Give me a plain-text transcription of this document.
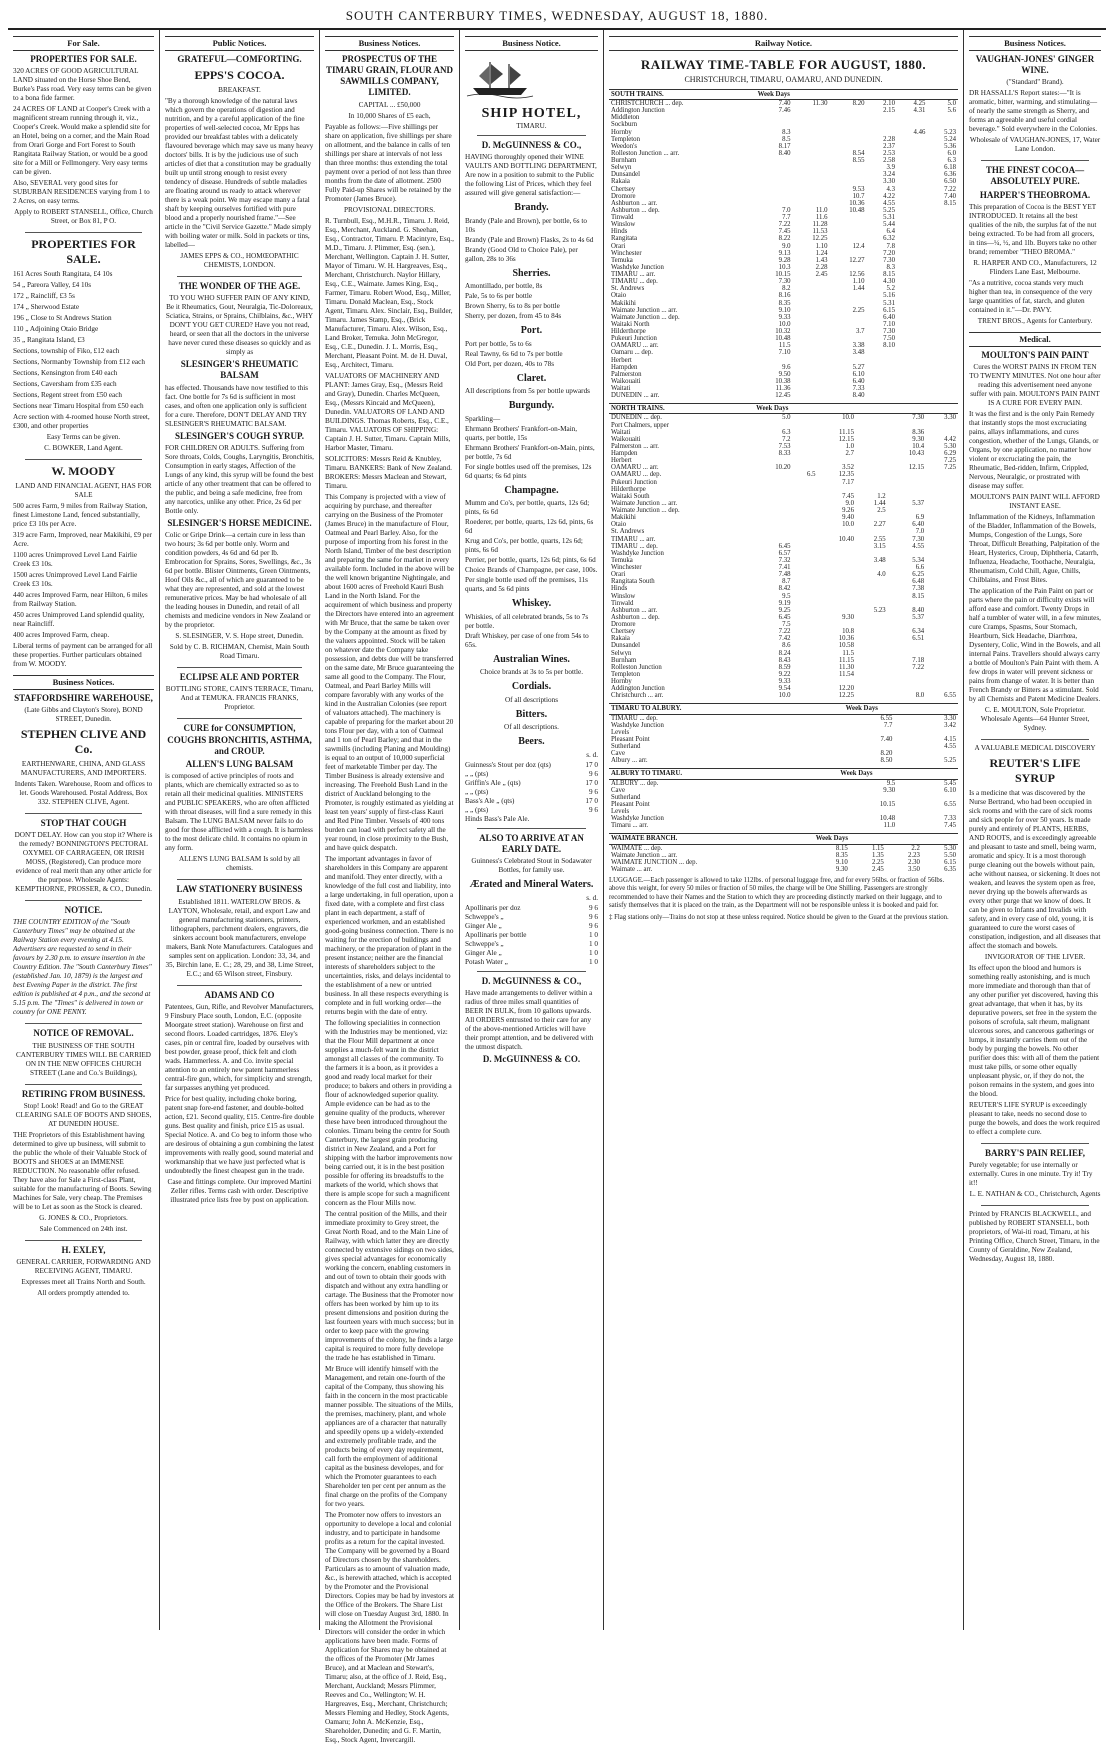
SOUTH CANTERBURY TIMES, WEDNESDAY, AUGUST 18, 1880.
For Sale.
PROPERTIES FOR SALE.

320 ACRES OF GOOD AGRICULTURAL LAND situated on the Horse Shoe Bend, Burke's Pass road. Very easy terms can be given to a bona fide farmer.

24 ACRES OF LAND at Cooper's Creek with a magnificent stream running through it, viz., Cooper's Creek. Would make a splendid site for an Hotel, being on a corner, and the Main Road from Orari Gorge and Fort Forest to South Rangitata Railway Station, or would be a good site for a Mill or Fellmongery. Very easy terms can be given.

Also, SEVERAL very good sites for SUBURBAN RESIDENCES varying from 1 to 2 Acres, on easy terms.

Apply to ROBERT STANSELL, Office, Church Street, or Box 81, P O.

PROPERTIES FOR SALE.

161 Acres South Rangitata, £4 10s

54 „ Pareora Valley, £4 10s

172 „ Raincliff, £3 5s

174 „ Sherwood Estate

196 „ Close to St Andrews Station

110 „ Adjoining Otaio Bridge

35 „ Rangitata Island, £3

Sections, township of Fiko, £12 each

Sections, Normanby Township from £12 each

Sections, Kensington from £40 each

Sections, Caversham from £35 each

Sections, Regent street from £50 each

Sections near Timaru Hospital from £50 each

Acre section with 4-roomed house North street, £300, and other properties

Easy Terms can be given.

C. BOWKER, Land Agent.

W. MOODY

LAND AND FINANCIAL AGENT, HAS FOR SALE

500 acres Farm, 9 miles from Railway Station, finest Limestone Land, fenced substantially, price £3 10s per Acre.

319 acre Farm, Improved, near Makikihi, £9 per Acre.

1100 acres Unimproved Level Land Fairlie Creek £3 10s.

1500 acres Unimproved Level Land Fairlie Creek £3 10s.

440 acres Improved Farm, near Hilton, 6 miles from Railway Station.

450 acres Unimproved Land splendid quality, near Raincliff.

400 acres Improved Farm, cheap.

Liberal terms of payment can be arranged for all these properties. Further particulars obtained from W. MOODY.

Business Notices.
STAFFORDSHIRE WAREHOUSE,

(Late Gibbs and Clayton's Store), BOND STREET, Dunedin.

STEPHEN CLIVE AND Co.

EARTHENWARE, CHINA, AND GLASS MANUFACTURERS, AND IMPORTERS.

Indents Taken. Warehouse, Room and offices to let. Goods Warehoused. Postal Address, Box 332. STEPHEN CLIVE, Agent.

STOP THAT COUGH

DON'T DELAY. How can you stop it? Where is the remedy? BONNINGTON'S PECTORAL OXYMEL OF CARRAGEEN, OR IRISH MOSS, (Registered), Can produce more evidence of real merit than any other article for the purpose. Wholesale Agents: KEMPTHORNE, PROSSER, & CO., Dunedin.

NOTICE.

THE COUNTRY EDITION of the "South Canterbury Times" may be obtained at the Railway Station every evening at 4.15. Advertisers are requested to send in their favours by 2.30 p.m. to ensure insertion in the Country Edition. The "South Canterbury Times" (established Jan. 10, 1879) is the largest and best Evening Paper in the district. The first edition is published at 4 p.m., and the second at 5.15 p.m. The "Times" is delivered in town or country for ONE PENNY.

NOTICE OF REMOVAL.

THE BUSINESS OF THE SOUTH CANTERBURY TIMES WILL BE CARRIED ON IN THE NEW OFFICES CHURCH STREET (Lane and Co.'s Buildings),

RETIRING FROM BUSINESS.

Stop! Look! Read! and Go to the GREAT CLEARING SALE OF BOOTS AND SHOES, AT DUNEDIN HOUSE.

THE Proprietors of this Establishment having determined to give up business, will submit to the public the whole of their Valuable Stock of BOOTS and SHOES at an IMMENSE REDUCTION. No reasonable offer refused. They have also for Sale a First-class Plant, suitable for the manufacturing of Boots. Sewing Machines for Sale, very cheap. The Premises will be to Let as soon as the Stock is cleared.

G. JONES & CO., Proprietors.

Sale Commenced on 24th inst.

H. EXLEY,

GENERAL CARRIER, FORWARDING AND RECEIVING AGENT, TIMARU.

Expresses meet all Trains North and South.

All orders promptly attended to.

Public Notices.
GRATEFUL—COMFORTING.
EPPS'S COCOA.
BREAKFAST.

"By a thorough knowledge of the natural laws which govern the operations of digestion and nutrition, and by a careful application of the fine properties of well-selected cocoa, Mr Epps has provided our breakfast tables with a delicately flavoured beverage which may save us many heavy doctors' bills. It is by the judicious use of such articles of diet that a constitution may be gradually built up until strong enough to resist every tendency of disease. Hundreds of subtle maladies are floating around us ready to attack wherever there is a weak point. We may escape many a fatal shaft by keeping ourselves fortified with pure blood and a properly nourished frame."—See article in the "Civil Service Gazette." Made simply with boiling water or milk. Sold in packets or tins, labelled—

JAMES EPPS & CO., HOMŒOPATHIC CHEMISTS, LONDON.

THE WONDER OF THE AGE.

TO YOU WHO SUFFER PAIN OF ANY KIND, Be it Rheumatics, Gout, Neuralgia, Tic-Doloreaux, Sciatica, Strains, or Sprains, Chilblains, &c., WHY DON'T YOU GET CURED? Have you not read, heard, or seen that all the doctors in the universe have never cured these diseases so quickly and as simply as

SLESINGER'S RHEUMATIC BALSAM

has effected. Thousands have now testified to this fact. One bottle for 7s 6d is sufficient in most cases, and often one application only is sufficient for a cure. Therefore, DON'T DELAY AND TRY SLESINGER'S RHEUMATIC BALSAM.

SLESINGER'S COUGH SYRUP.

FOR CHILDREN OR ADULTS. Suffering from Sore throats, Colds, Coughs, Laryngitis, Bronchitis, Consumption in early stages, Affection of the Lungs of any kind, this syrup will be found the best article of any other treatment that can be offered to the public, and being a safe medicine, free from any narcotics, unlike any other. Price, 2s 6d per Bottle only.

SLESINGER'S HORSE MEDICINE.

Colic or Gripe Drink—a certain cure in less than two hours; 3s 6d per bottle only. Worm and condition powders, 4s 6d and 6d per lb. Embrocation for Sprains, Sores, Swellings, &c., 3s 6d per bottle. Blister Ointments, Green Ointments, Hoof Oils &c., all of which are guaranteed to be what they are represented, and sold at the lowest remunerative prices. May be had wholesale of all the leading houses in Dunedin, and retail of all chemists and medicine vendors in New Zealand or by the proprietor.

S. SLESINGER, V. S. Hope street, Dunedin.

Sold by C. B. RICHMAN, Chemist, Main South Road Timaru.

ECLIPSE ALE AND PORTER

BOTTLING STORE, CAIN'S TERRACE, Timaru, And at TEMUKA. FRANCIS FRANKS, Proprietor.

CURE for CONSUMPTION, COUGHS BRONCHITIS, ASTHMA, and CROUP.
ALLEN'S LUNG BALSAM

is composed of active principles of roots and plants, which are chemically extracted so as to retain all their medicinal qualities. MINISTERS and PUBLIC SPEAKERS, who are often afflicted with throat diseases, will find a sure remedy in this Balsam. The LUNG BALSAM never fails to do good for those afflicted with a cough. It is harmless to the most delicate child. It contains no opium in any form.

ALLEN'S LUNG BALSAM Is sold by all chemists.

LAW STATIONERY BUSINESS

Established 1811. WATERLOW BROS. & LAYTON, Wholesale, retail, and export Law and general manufacturing stationers, printers, lithographers, parchment dealers, engravers, die sinkers account book manufacturers, envelope makers, Bank Note Manufacturers. Catalogues and samples sent on application. London: 33, 34, and 35, Birchin lane, E. C.; 28, 29, and 38, Lime Street, E.C.; and 65 Wilson street, Finsbury.

ADAMS AND CO

Patentees, Gun, Rifle, and Revolver Manufacturers, 9 Finsbury Place south, London, E.C. (opposite Moorgate street station). Warehouse on first and second floors. Loaded cartridges, 1876. Eley's cases, pin or central fire, loaded by ourselves with best powder, grease proof, thick felt and cloth wads. Hammerless. A. and Co. invite special attention to an entirely new patent hammerless central-fire gun, which, for simplicity and strength, far surpasses anything yet produced.

Price for best quality, including choke boring, patent snap fore-end fastener, and double-bolted action, £21. Second quality, £15. Centre-fire double guns. Best quality and finish, price £15 as usual. Special Notice. A. and Co beg to inform those who are desirous of obtaining a gun combining the latest improvements with really good, sound material and workmanship that we have just perfected what is undoubtedly the finest cheapest gun in the trade.

Case and fittings complete. Our improved Martini Zeller rifles. Terms cash with order. Descriptive illustrated price lists free by post on application.

Business Notices.
PROSPECTUS OF THE TIMARU GRAIN, FLOUR AND SAWMILLS COMPANY, LIMITED.

CAPITAL ... £50,000

In 10,000 Shares of £5 each,

Payable as follows:—Five shillings per share on application, five shillings per share on allotment, and the balance in calls of ten shillings per share at intervals of not less than three months: thus extending the total payment over a period of not less than three months from the date of allotment. 2500 Fully Paid-up Shares will be retained by the Promoter (James Bruce).

PROVISIONAL DIRECTORS.

R. Turnbull, Esq., M.H.R., Timaru. J. Reid, Esq., Merchant, Auckland. G. Sheehan, Esq., Contractor, Timaru. P. Macintyre, Esq., M.D., Timaru. J. Plimmer, Esq. (sen.), Merchant, Wellington. Captain J. H. Sutter, Mayor of Timaru. W. H. Hargreaves, Esq., Merchant, Christchurch. Naylor Hillary, Esq., C.E., Waimate. James King, Esq., Farmer, Timaru. Robert Wood, Esq., Miller, Timaru. Donald Maclean, Esq., Stock Agent, Timaru. Alex. Sinclair, Esq., Builder, Timaru. James Stamp, Esq., (Brick Manufacturer, Timaru. Alex. Wilson, Esq., Land Broker, Temuka. John McGregor, Esq., C.E., Dunedin. J. L. Morris, Esq., Merchant, Pleasant Point. M. de H. Duval, Esq., Architect, Timaru.

VALUATORS OF MACHINERY AND PLANT: James Gray, Esq., (Messrs Reid and Gray), Dunedin. Charles McQueen, Esq., (Messrs Kincaid and McQueen), Dunedin. VALUATORS OF LAND AND BUILDINGS. Thomas Roberts, Esq., C.E., Timaru. VALUATORS OF SHIPPING: Captain J. H. Sutter, Timaru. Captain Mills, Harbor Master, Timaru.

SOLICITORS: Messrs Reid & Knubley, Timaru. BANKERS: Bank of New Zealand. BROKERS: Messrs Maclean and Stewart, Timaru.

This Company is projected with a view of acquiring by purchase, and thereafter carrying on the Business of the Promoter (James Bruce) in the manufacture of Flour, Oatmeal and Pearl Barley. Also, for the purpose of importing from his forest in the North Island, Timber of the best description and preparing the same for market in every available form. Included in the above will be the well known brigantine Nightingale, and about 1600 acres of Freehold Kauri Bush Land in the North Island. For the acquirement of which business and property the Directors have entered into an agreement with Mr Bruce, that the same be taken over by the Company at the amount as fixed by the valuers appointed. Stock will be taken on whatever date the Company take possession, and debts due will be transferred on the same date, Mr Bruce guaranteeing the same all good to the Company. The Flour, Oatmeal, and Pearl Barley Mills will compare favorably with any works of the kind in the Australian Colonies (see report of valuators attached). The machinery is capable of preparing for the market about 20 tons Flour per day, with a ton of Oatmeal and 1 ton of Pearl Barley; and that in the sawmills (including Planing and Moulding) is equal to an output of 10,000 superficial feet of marketable Timber per day. The Timber Business is already extensive and increasing. The Freehold Bush Land in the district of Auckland belonging to the Promoter, is roughly estimated as yielding at least ten years' supply of first-class Kauri and Red Pine Timber. Vessels of 400 tons burden can load with perfect safety all the year round, in close proximity to the Bush, and have quick despatch.

The important advantages in favor of shareholders in this Company are apparent and manifold. They enter directly, with a knowledge of the full cost and liability, into a large undertaking, in full operation, upon a fixed date, with a complete and first class plant in each department, a staff of experienced workmen, and an established good-going business connection. There is no waiting for the erection of buildings and machinery, or the preparation of plant in the present instance; neither are the financial interests of shareholders subject to the uncertainties, risks, and delays incidental to the establishment of a new or untried business. In all these respects everything is complete and in full working order—the returns begin with the date of entry.

The following specialities in connection with the Industries may be mentioned, viz: that the Flour Mill department at once supplies a much-felt want in the district amongst all classes of the community. To the farmers it is a boon, as it provides a good and ready local market for their produce; to bakers and others in providing a flour of acknowledged superior quality. Ample evidence can be had as to the genuine quality of the products, wherever these have been introduced throughout the colonies. Timaru being the centre for South Canterbury, the largest grain producing district in New Zealand, and a Port for shipping with the harbor improvements now being carried out, it is in the best position possible for offering its breadstuffs to the markets of the world, which shows that there is ample scope for such a magnificent concern as the Flour Mills now.

The central position of the Mills, and their immediate proximity to Grey street, the Great North Road, and to the Main Line of Railway, with which latter they are directly connected by extensive sidings on two sides, gives special advantages for economically working the concern, enabling customers in and out of town to obtain their goods with dispatch and without any extra handling or cartage. The Business that the Promoter now offers has been worked by him up to its present dimensions and position during the last fourteen years with much success; but in order to keep pace with the growing improvements of the colony, he finds a large capital is required to more fully develope the trade he has established in Timaru.

Mr Bruce will identify himself with the Management, and retain one-fourth of the capital of the Company, thus showing his faith in the concern in the most practicable manner possible. The situations of the Mills, the premises, machinery, plant, and whole appliances are of a character that naturally and speedily opens up a widely-extended and extremely profitable trade, and the products being of every day requirement, call forth the employment of additional capital as the business developes, and for which the Promoter guarantees to each Shareholder ten per cent per annum as the final charge on the profits of the Company for two years.

The Promoter now offers to investors an opportunity to develope a local and colonial industry, and to participate in handsome profits as a return for the capital invested. The Company will be governed by a Board of Directors chosen by the shareholders. Particulars as to amount of valuation made, &c., is herewith attached, which is accepted by the Promoter and the Provisional Directors. Copies may be had by investors at the Office of the Brokers. The Share List will close on Tuesday August 3rd, 1880. In making the Allotment the Provisional Directors will consider the order in which applications have been made. Forms of Application for Shares may be obtained at the offices of the Promoter (Mr James Bruce), and at Maclean and Stewart's, Timaru; also, at the office of J. Reid, Esq., Merchant, Auckland; Messrs Plimmer, Reeves and Co., Wellington; W. H. Hargreaves, Esq., Merchant, Christchurch; Messrs Fleming and Hedley, Stock Agents, Oamaru; John A. McKenzie, Esq., Shareholder, Dunedin; and G. F. Martin, Esq., Stock Agent, Invercargill.

Business Notice.
SHIP HOTEL,
TIMARU.
D. McGUINNESS & CO.,

HAVING thoroughly opened their WINE VAULTS AND BOTTLING DEPARTMENT, Are now in a position to submit to the Public the following List of Prices, which they feel assured will give general satisfaction:—

Brandy.

Brandy (Pale and Brown), per bottle, 6s to 10s

Brandy (Pale and Brown) Flasks, 2s to 4s 6d

Brandy (Good Old to Choice Pale), per gallon, 28s to 36s

Sherries.

Amontillado, per bottle, 8s

Pale, 5s to 6s per bottle

Brown Sherry, 6s to 8s per bottle

Sherry, per dozen, from 45 to 84s

Port.

Port per bottle, 5s to 6s

Real Tawny, 6s 6d to 7s per bottle

Old Port, per dozen, 40s to 78s

Claret.

All descriptions from 5s per bottle upwards

Burgundy.

Sparkling—

Ehrmann Brothers' Frankfort-on-Main, quarts, per bottle, 15s

Ehrmann Brothers' Frankfort-on-Main, pints, per bottle, 7s 6d

For single bottles used off the premises, 12s 6d quarts; 6s 6d pints

Champagne.

Mumm and Co's, per bottle, quarts, 12s 6d; pints, 6s 6d

Roederer, per bottle, quarts, 12s 6d, pints, 6s 6d

Krug and Co's, per bottle, quarts, 12s 6d; pints, 6s 6d

Perrier, per bottle, quarts, 12s 6d; pints, 6s 6d

Choice Brands of Champagne, per case, 100s.

Per single bottle used off the premises, 11s quarts, and 5s 6d pints

Whiskey.

Whiskies, of all celebrated brands, 5s to 7s per bottle.

Draft Whiskey, per case of one from 54s to 65s.

Australian Wines.

Choice brands at 3s to 5s per bottle.

Cordials.

Of all descriptions

Bitters.

Of all descriptions.

Beers.
s. d.
Guinness's Stout per doz (qts)	17 0
„ „ (pts)	9 6
Griffin's Ale „ (qts)	17 0
„ „ (pts)	9 6
Bass's Ale „ (qts)	17 0
„ „ (pts)	9 6
Hinds Bass's Pale Ale.
ALSO TO ARRIVE AT AN EARLY DATE.

Guinness's Celebrated Stout in Sodawater Bottles, for family use.

Ærated and Mineral Waters.
s. d.
Apollinaris per doz	9 6
Schweppe's „	9 6
Ginger Ale „	9 6
Apollinaris per bottle	1 0
Schweppe's „	1 0
Ginger Ale „	1 0
Potash Water „	1 0
D. McGUINNESS & CO.,

Have made arrangements to deliver within a radius of three miles small quantities of BEER IN BULK, from 10 gallons upwards. All ORDERS entrusted to their care for any of the above-mentioned Articles will have their prompt attention, and be delivered with the utmost dispatch.

D. McGUINNESS & CO.
Railway Notice.
RAILWAY TIME-TABLE FOR AUGUST, 1880.
CHRISTCHURCH, TIMARU, OAMARU, AND DUNEDIN.
SOUTH TRAINS.	Week Days					
CHRISTCHURCH ... dep.	7.40	11.30	8.20	2.10	4.25	5.0
Addington Junction	7.46			2.15	4.31	5.6
Middleton						
Sockburn						
Hornby	8.3				4.46	5.23
Templeton	8.5			2.28		5.24
Weedon's	8.17			2.37		5.36
Rolleston Junction ... arr.	8.40		8.54	2.53		6.0
Burnham			8.55	2.58		6.3
Selwyn				3.9		6.18
Dunsandel				3.24		6.36
Rakaia				3.30		6.50
Chertsey			9.53	4.3		7.22
Dromore			10.7	4.22		7.40
Ashburton ... arr.			10.36	4.55		8.15
Ashburton ... dep.	7.0	11.0	10.48	5.25		
Tinwald	7.7	11.6		5.31		
Winslow	7.22	11.28		5.44		
Hinds	7.45	11.53		6.4		
Rangitata	8.22	12.25		6.32		
Orari	9.0	1.10	12.4	7.8		
Winchester	9.13	1.24		7.20		
Temuka	9.28	1.43	12.27	7.30		
Washdyke Junction	10.3	2.28		8.3		
TIMARU ... arr.	10.15	2.45	12.56	8.15		
TIMARU ... dep.	7.30		1.10	4.30		
St. Andrews	8.2		1.44	5.2		
Otaio	8.16			5.16		
Makikihi	8.35			5.31		
Waimate Junction ... arr.	9.10		2.25	6.15		
Waimate Junction ... dep.	9.33			6.40		
Waitaki North	10.0			7.10		
Hilderthorpe	10.32		3.7	7.30		
Pukeuri Junction	10.48			7.50		
OAMARU ... arr.	11.5		3.38	8.10		
Oamaru ... dep.	7.10		3.48			
Herbert						
Hampden	9.6		5.27			
Palmerston	9.50		6.10			
Waikouaiti	10.38		6.40			
Waitati	11.36		7.33			
DUNEDIN ... arr.	12.45		8.40			
NORTH TRAINS.	Week Days					
DUNEDIN ... dep.	5.0		10.0		7.30	3.30
Port Chalmers, upper						
Waitati	6.3		11.15		8.36	
Waikouaiti	7.2		12.15		9.30	4.42
Palmerston ... arr.	7.53		1.0		10.4	5.30
Hampden	8.33		2.7		10.43	6.29
Herbert						7.25
OAMARU ... arr.	10.20		3.52		12.15	7.25
OAMARU ... dep.		6.5	12.35			
Pukeuri Junction			7.17			
Hilderthorpe						
Waitaki South			7.45	1.2		
Waimate Junction ... arr.			9.0	1.44	5.37	
Waimate Junction ... dep.			9.26	2.5		
Makikihi			9.40		6.9	
Otaio			10.0	2.27	6.40	
St. Andrews					7.0	
TIMARU ... arr.			10.40	2.55	7.30	
TIMARU ... dep.	6.45			3.15	4.55	
Washdyke Junction	6.57					
Temuka	7.32			3.48	5.34	
Winchester	7.41				6.6	
Orari	7.48			4.0	6.25	
Rangitata South	8.7				6.48	
Hinds	8.42				7.38	
Winslow	9.5				8.15	
Tinwald	9.19					
Ashburton ... arr.	9.25			5.23	8.40	
Ashburton ... dep.	6.45		9.30		5.37	
Dromore	7.5					
Chertsey	7.22		10.8		6.34	
Rakaia	7.42		10.36		6.51	
Dunsandel	8.6		10.58			
Selwyn	8.24		11.5			
Burnham	8.43		11.15		7.18	
Rolleston Junction	8.59		11.30		7.22	
Templeton	9.22		11.54			
Hornby	9.33					
Addington Junction	9.54		12.20			
Christchurch ... arr.	10.0		12.25		8.0	6.55
TIMARU TO ALBURY.	Week Days		
TIMARU ... dep.	6.55		3.30
Washdyke Junction	7.7		3.42
Levels			
Pleasant Point	7.40		4.15
Sutherland			4.55
Cave	8.20		
Albury ... arr.	8.50		5.25
ALBURY TO TIMARU.	Week Days		
ALBURY ... dep.	9.5		5.45
Cave	9.30		6.10
Sutherland			
Pleasant Point	10.15		6.55
Levels			
Washdyke Junction	10.48		7.33
Timaru ... arr.	11.0		7.45
WAIMATE BRANCH.	Week Days			
WAIMATE ... dep.	8.15	1.15	2.2	5.30
Waimate Junction ... arr.	8.35	1.35	2.23	5.50
WAIMATE JUNCTION ... dep.	9.10	2.25	2.30	6.15
Waimate ... arr.	9.30	2.45	3.50	6.35

LUGGAGE.—Each passenger is allowed to take 112lbs. of personal luggage free, and for every 56lbs. or fraction of 56lbs. above this weight, for every 50 miles or fraction of 50 miles, the charge will be One Shilling. Passengers are strongly recommended to have their Names and the Station to which they are proceeding distinctly marked on their luggage, and to satisfy themselves that it is placed on the train, as the Department will not be responsible unless it is booked and paid for.

‡ Flag stations only—Trains do not stop at these unless required. Notice should be given to the Guard at the previous station.

Business Notices.
VAUGHAN-JONES' GINGER WINE.

("Standard" Brand).

DR HASSALL'S Report states:—"It is aromatic, bitter, warming, and stimulating—of nearly the same strength as Sherry, and forms an agreeable and useful cordial beverage." Sold everywhere in the Colonies.

Wholesale of VAUGHAN-JONES, 17, Water Lane London.

THE FINEST COCOA—ABSOLUTELY PURE.
HARPER'S THEOBROMA.

This preparation of Cocoa is the BEST YET INTRODUCED. It retains all the best qualities of the nib, the surplus fat of the nut being extracted. To be had from all grocers, in tins—¼, ½, and 1lb. Buyers take no other brand; remember "THEO BROMA."

R. HARPER AND CO., Manufacturers, 12 Flinders Lane East, Melbourne.

"As a nutritive, cocoa stands very much higher than tea, in consequence of the very large quantities of fat, starch, and gluten contained in it."—Dr. PAVY.

TRENT BROS., Agents for Canterbury.

Medical.
MOULTON'S PAIN PAINT

Cures the WORST PAINS IN FROM TEN TO TWENTY MINUTES. Not one hour after reading this advertisement need anyone suffer with pain. MOULTON'S PAIN PAINT IS A CURE FOR EVERY PAIN.

It was the first and is the only Pain Remedy that instantly stops the most excruciating pains, allays inflammations, and cures congestion, whether of the Lungs, Glands, or Organs, by one application, no matter how violent or excruciating the pain, the Rheumatic, Bed-ridden, Infirm, Crippled, Nervous, Neuralgic, or prostrated with disease may suffer.

MOULTON'S PAIN PAINT WILL AFFORD INSTANT EASE.

Inflammation of the Kidneys, Inflammation of the Bladder, Inflammation of the Bowels, Mumps, Congestion of the Lungs, Sore Throat, Difficult Breathing, Palpitation of the Heart, Hysterics, Croup, Diphtheria, Catarrh, Influenza, Headache, Toothache, Neuralgia, Rheumatism, Cold Chill, Ague, Chills, Chilblains, and Frost Bites.

The application of the Pain Paint on part or parts where the pain or difficulty exists will afford ease and comfort. Twenty Drops in half a tumbler of water will, in a few minutes, cure Cramps, Spasms, Sour Stomach, Heartburn, Sick Headache, Diarrhœa, Dysentery, Colic, Wind in the Bowels, and all internal Pains. Travellers should always carry a bottle of Moulton's Pain Paint with them. A few drops in water will prevent sickness or pains from change of water. It is better than French Brandy or Bitters as a stimulant. Sold by all Chemists and Patent Medicine Dealers.

C. E. MOULTON, Sole Proprietor. Wholesale Agents—64 Hunter Street, Sydney.

A VALUABLE MEDICAL DISCOVERY

REUTER'S LIFE SYRUP

Is a medicine that was discovered by the Nurse Bertrand, who had been occupied in sick rooms and with the care of sick rooms and sick people for over 50 years. Is made purely and entirely of PLANTS, HERBS, AND ROOTS, and is exceedingly agreeable and pleasant to taste and smell, being warm, aromatic and spicy. It is a most thorough purge cleaning out the bowels without pain, ache without nausea, or sickening. It does not weaken, and leaves the system open as free, never drying up the bowels afterwards as every other purge that we know of does. It can be given to Infants and Invalids with safety, and in every case of old, young, it is guaranteed to cure the worst cases of constipation, indigestion, and all diseases that affect the stomach and bowels.

INVIGORATOR OF THE LIVER.

Its effect upon the blood and humors is something really astonishing, and is much more immediate and thorough than that of any other purifier yet discovered, having this great advantage, that when it has, by its depurative powers, set free in the system the poisons of scrofula, salt rheum, malignant ulcerous sores, and cancerous gatherings or lumps, it instantly carries them out of the body by purging the bowels. No other purifier does this: with all of them the patient must take pills, or some other equally unpleasant physic, or, if they do not, the poison remains in the system, and goes into the blood.

REUTER'S LIFE SYRUP is exceedingly pleasant to take, needs no second dose to purge the bowels, and does the work required to effect a complete cure.

BARRY'S PAIN RELIEF,

Purely vegetable; for use internally or externally. Cures in one minute. Try it! Try it!!

L. E. NATHAN & CO., Christchurch, Agents

Printed by FRANCIS BLACKWELL, and published by ROBERT STANSELL, both proprietors, of Wai-iti road, Timaru, at his Printing Office, Church Street, Timaru, in the County of Geraldine, New Zealand, Wednesday, August 18, 1880.
